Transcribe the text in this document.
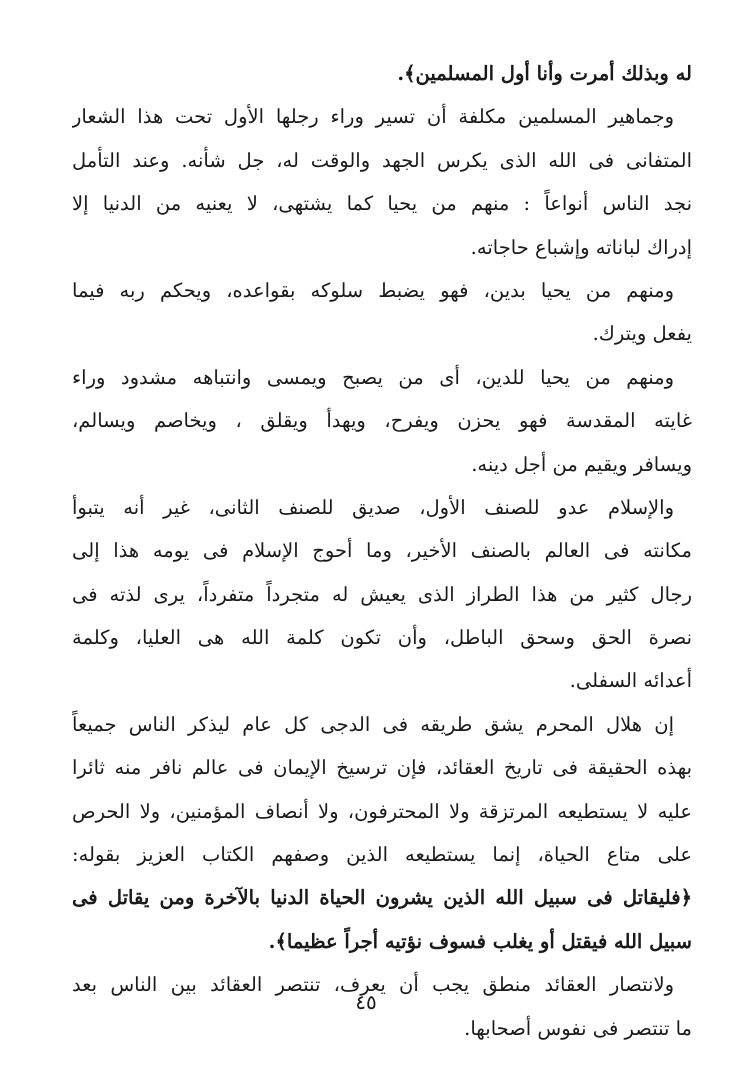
له وبذلك أمرت وأنا أول المسلمين﴾.
وجماهير المسلمين مكلفة أن تسير وراء رجلها الأول تحت هذا الشعار
المتفانى فى الله الذى يكرس الجهد والوقت له، جل شأنه. وعند التأمل
نجد الناس أنواعاً : منهم من يحيا كما يشتهى، لا يعنيه من الدنيا إلا
إدراك لباناته وإشباع حاجاته.
ومنهم من يحيا بدين، فهو يضبط سلوكه بقواعده، ويحكم ربه فيما
يفعل ويترك.
ومنهم من يحيا للدين، أى من يصبح ويمسى وانتباهه مشدود وراء
غايته المقدسة فهو يحزن ويفرح، ويهدأ ويقلق ، ويخاصم ويسالم،
ويسافر ويقيم من أجل دينه.
والإسلام عدو للصنف الأول، صديق للصنف الثانى، غير أنه يتبوأ
مكانته فى العالم بالصنف الأخير، وما أحوج الإسلام فى يومه هذا إلى
رجال كثير من هذا الطراز الذى يعيش له متجرداً متفرداً، يرى لذته فى
نصرة الحق وسحق الباطل، وأن تكون كلمة الله هى العليا، وكلمة
أعدائه السفلى.
إن هلال المحرم يشق طريقه فى الدجى كل عام ليذكر الناس جميعاً
بهذه الحقيقة فى تاريخ العقائد، فإن ترسيخ الإيمان فى عالم نافر منه ثائرا
عليه لا يستطيعه المرتزقة ولا المحترفون، ولا أنصاف المؤمنين، ولا الحرص
على متاع الحياة، إنما يستطيعه الذين وصفهم الكتاب العزيز بقوله:
﴿فليقاتل فى سبيل الله الذين يشرون الحياة الدنيا بالآخرة ومن يقاتل فى
سبيل الله فيقتل أو يغلب فسوف نؤتيه أجراً عظيما﴾.
ولانتصار العقائد منطق يجب أن يعرف، تنتصر العقائد بين الناس بعد
ما تنتصر فى نفوس أصحابها.
٤٥
